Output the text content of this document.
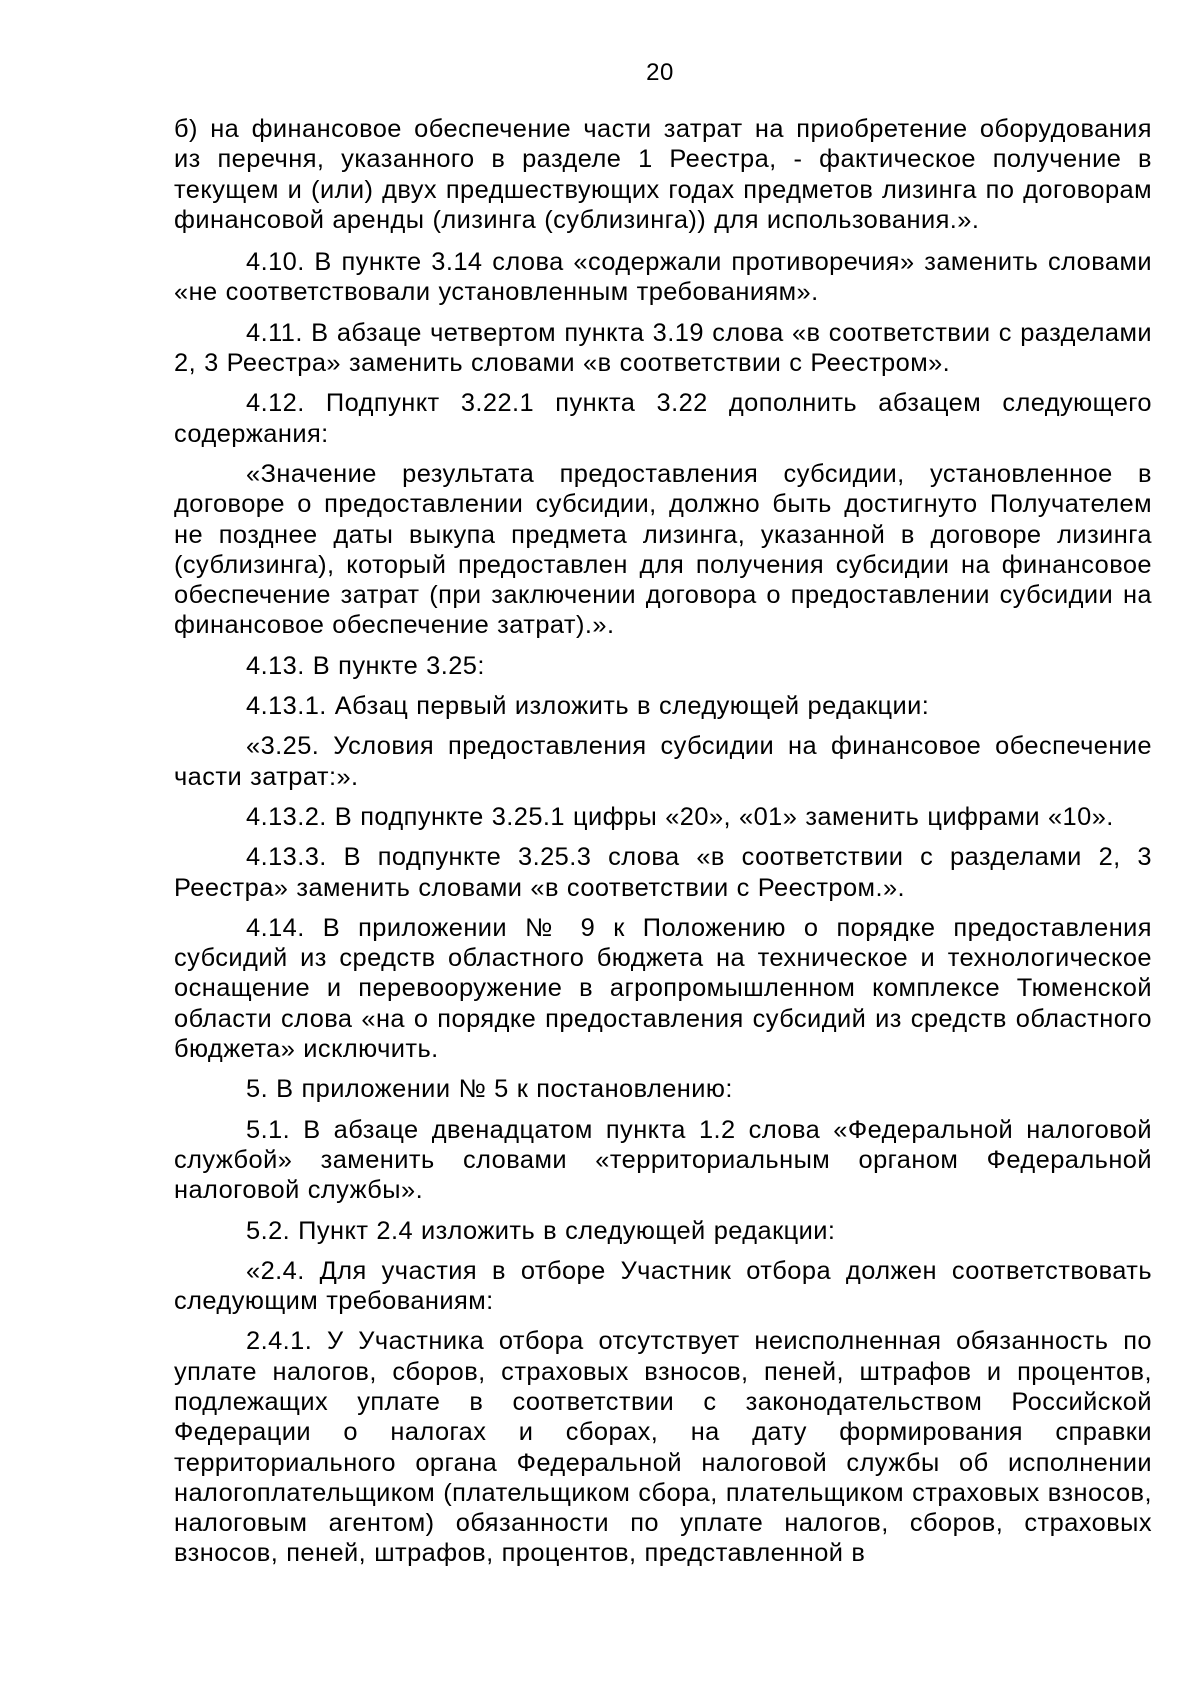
20

б) на финансовое обеспечение части затрат на приобретение оборудования из перечня, указанного в разделе 1 Реестра, - фактическое получение в текущем и (или) двух предшествующих годах предметов лизинга по договорам финансовой аренды (лизинга (сублизинга)) для использования.».

4.10. В пункте 3.14 слова «содержали противоречия» заменить словами «не соответствовали установленным требованиям».

4.11. В абзаце четвертом пункта 3.19 слова «в соответствии с разделами 2, 3 Реестра» заменить словами «в соответствии с Реестром».

4.12. Подпункт 3.22.1 пункта 3.22 дополнить абзацем следующего содержания:

«Значение результата предоставления субсидии, установленное в договоре о предоставлении субсидии, должно быть достигнуто Получателем не позднее даты выкупа предмета лизинга, указанной в договоре лизинга (сублизинга), который предоставлен для получения субсидии на финансовое обеспечение затрат (при заключении договора о предоставлении субсидии на финансовое обеспечение затрат).».

4.13. В пункте 3.25:

4.13.1. Абзац первый изложить в следующей редакции:

«3.25. Условия предоставления субсидии на финансовое обеспечение части затрат:».

4.13.2. В подпункте 3.25.1 цифры «20», «01» заменить цифрами «10».

4.13.3. В подпункте 3.25.3 слова «в соответствии с разделами 2, 3 Реестра» заменить словами «в соответствии с Реестром.».

4.14. В приложении № 9 к Положению о порядке предоставления субсидий из средств областного бюджета на техническое и технологическое оснащение и перевооружение в агропромышленном комплексе Тюменской области слова «на о порядке предоставления субсидий из средств областного бюджета» исключить.

5. В приложении № 5 к постановлению:

5.1. В абзаце двенадцатом пункта 1.2 слова «Федеральной налоговой службой» заменить словами «территориальным органом Федеральной налоговой службы».

5.2. Пункт 2.4 изложить в следующей редакции:

«2.4. Для участия в отборе Участник отбора должен соответствовать следующим требованиям:

2.4.1. У Участника отбора отсутствует неисполненная обязанность по уплате налогов, сборов, страховых взносов, пеней, штрафов и процентов, подлежащих уплате в соответствии с законодательством Российской Федерации о налогах и сборах, на дату формирования справки территориального органа Федеральной налоговой службы об исполнении налогоплательщиком (плательщиком сбора, плательщиком страховых взносов, налоговым агентом) обязанности по уплате налогов, сборов, страховых взносов, пеней, штрафов, процентов, представленной в
